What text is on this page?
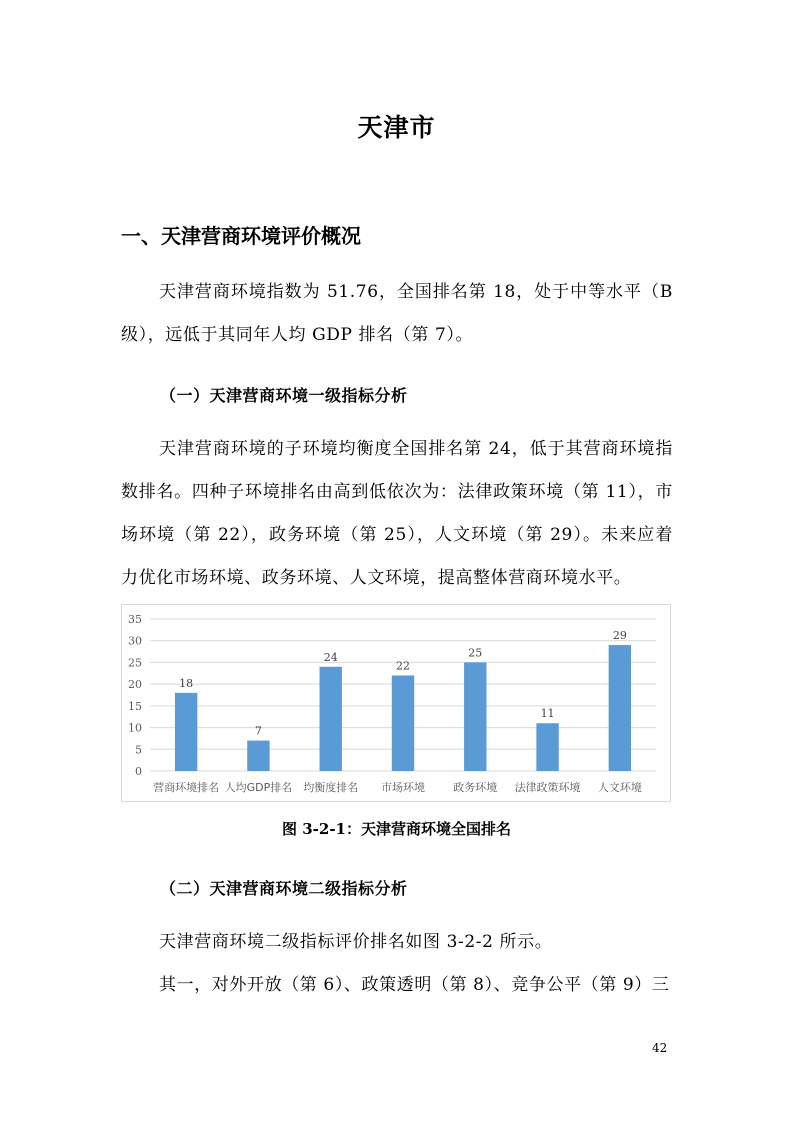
天津市
一、天津营商环境评价概况

天津营商环境指数为 51.76，全国排名第 18，处于中等水平（B 级），远低于其同年人均 GDP 排名（第 7）。

（一）天津营商环境一级指标分析

天津营商环境的子环境均衡度全国排名第 24，低于其营商环境指数排名。四种子环境排名由高到低依次为：法律政策环境（第 11），市场环境（第 22），政务环境（第 25），人文环境（第 29）。未来应着力优化市场环境、政务环境、人文环境，提高整体营商环境水平。

0
5
10
15
20
25
30
35
18
营商环境排名
7
人均GDP排名
24
均衡度排名
22
市场环境
25
政务环境
11
法律政策环境
29
人文环境
图 3-2-1：天津营商环境全国排名
（二）天津营商环境二级指标分析

天津营商环境二级指标评价排名如图 3-2-2 所示。

其一，对外开放（第 6）、政策透明（第 8）、竞争公平（第 9）三

42
